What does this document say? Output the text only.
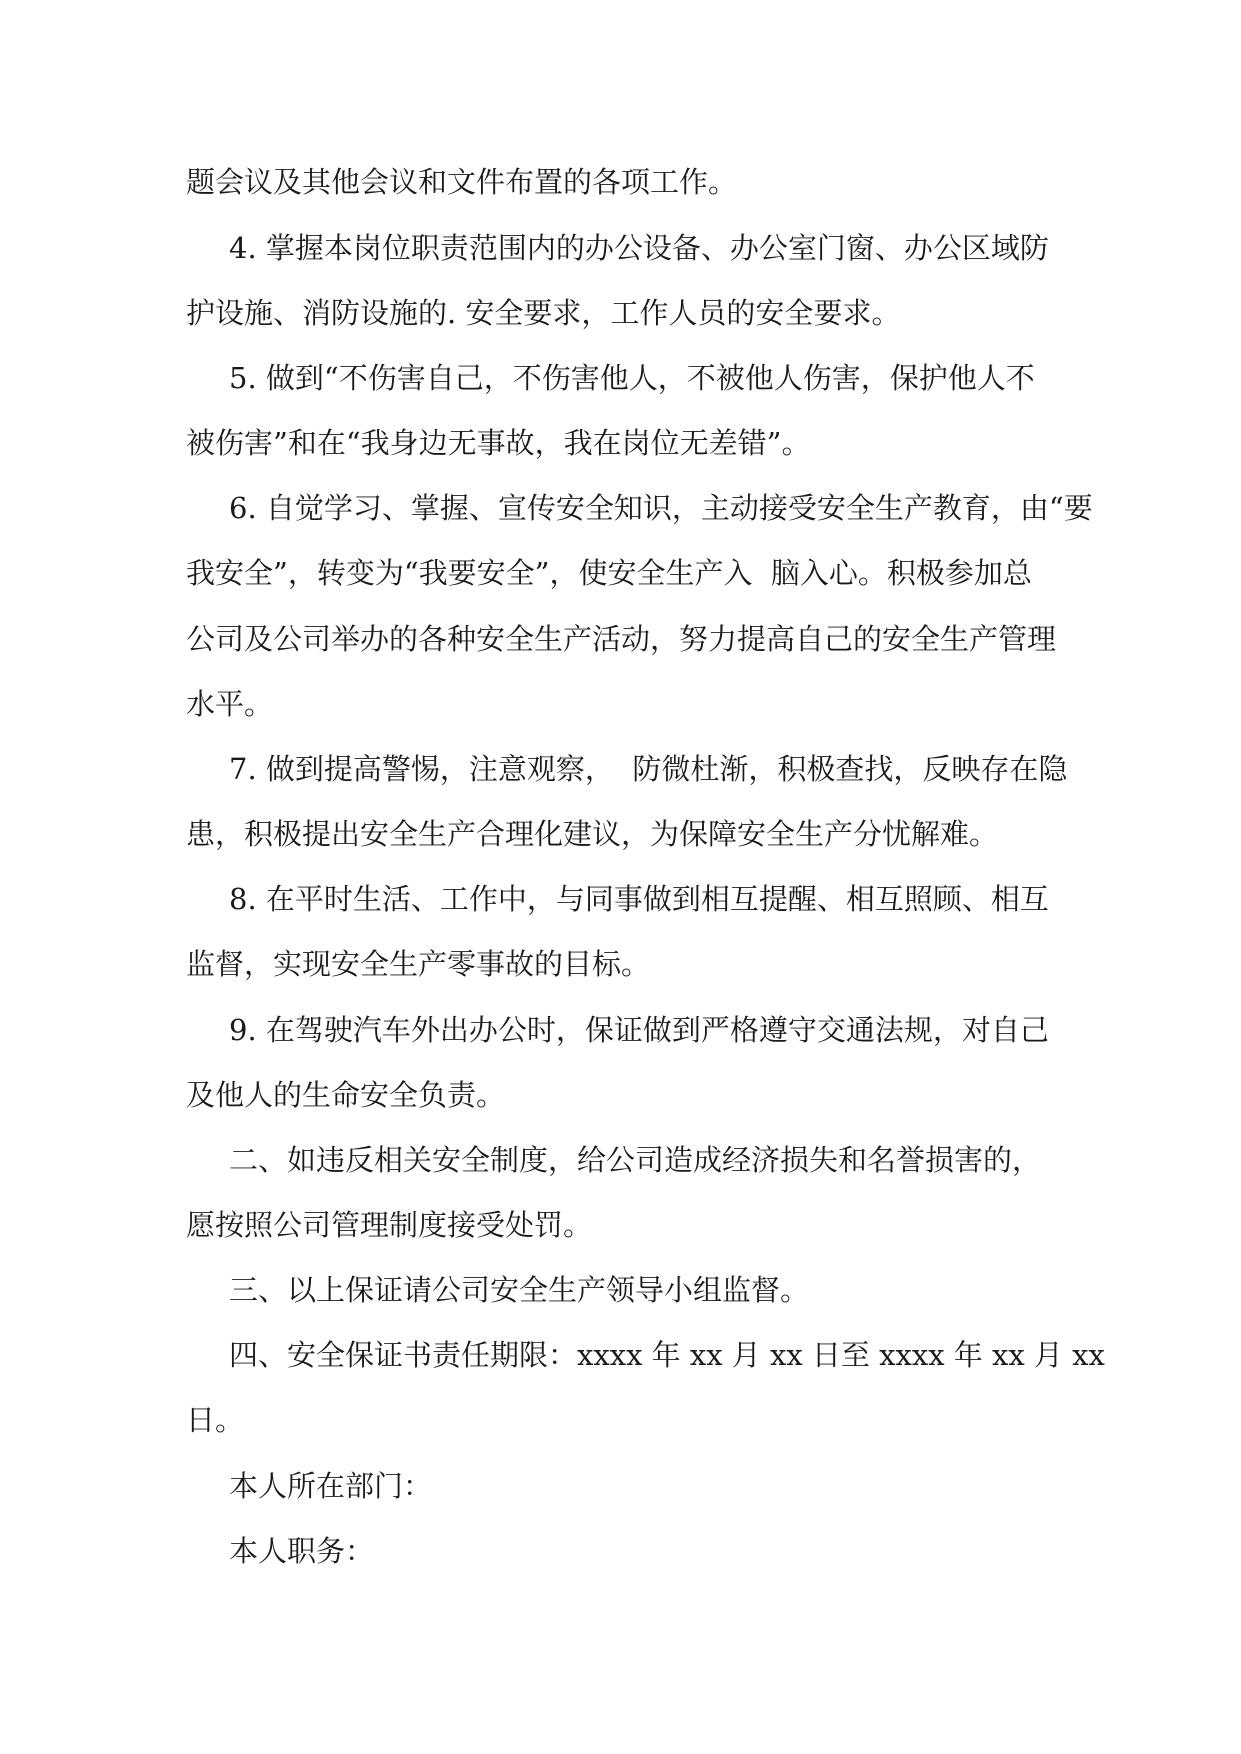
题会议及其他会议和文件布置的各项工作。
4. 掌握本岗位职责范围内的办公设备、办公室门窗、办公区域防
护设施、消防设施的. 安全要求，工作人员的安全要求。
5. 做到“不伤害自己，不伤害他人，不被他人伤害，保护他人不
被伤害”和在“我身边无事故，我在岗位无差错”。
6. 自觉学习、掌握、宣传安全知识，主动接受安全生产教育，由“要
我安全”，转变为“我要安全”，使安全生产入  脑入心。积极参加总
公司及公司举办的各种安全生产活动，努力提高自己的安全生产管理
水平。
7. 做到提高警惕，注意观察，  防微杜渐，积极查找，反映存在隐
患，积极提出安全生产合理化建议，为保障安全生产分忧解难。
8. 在平时生活、工作中，与同事做到相互提醒、相互照顾、相互
监督，实现安全生产零事故的目标。
9. 在驾驶汽车外出办公时，保证做到严格遵守交通法规，对自己
及他人的生命安全负责。
二、如违反相关安全制度，给公司造成经济损失和名誉损害的，
愿按照公司管理制度接受处罚。
三、以上保证请公司安全生产领导小组监督。
四、安全保证书责任期限：xxxx 年 xx 月 xx 日至 xxxx 年 xx 月 xx
日。
本人所在部门：
本人职务：
